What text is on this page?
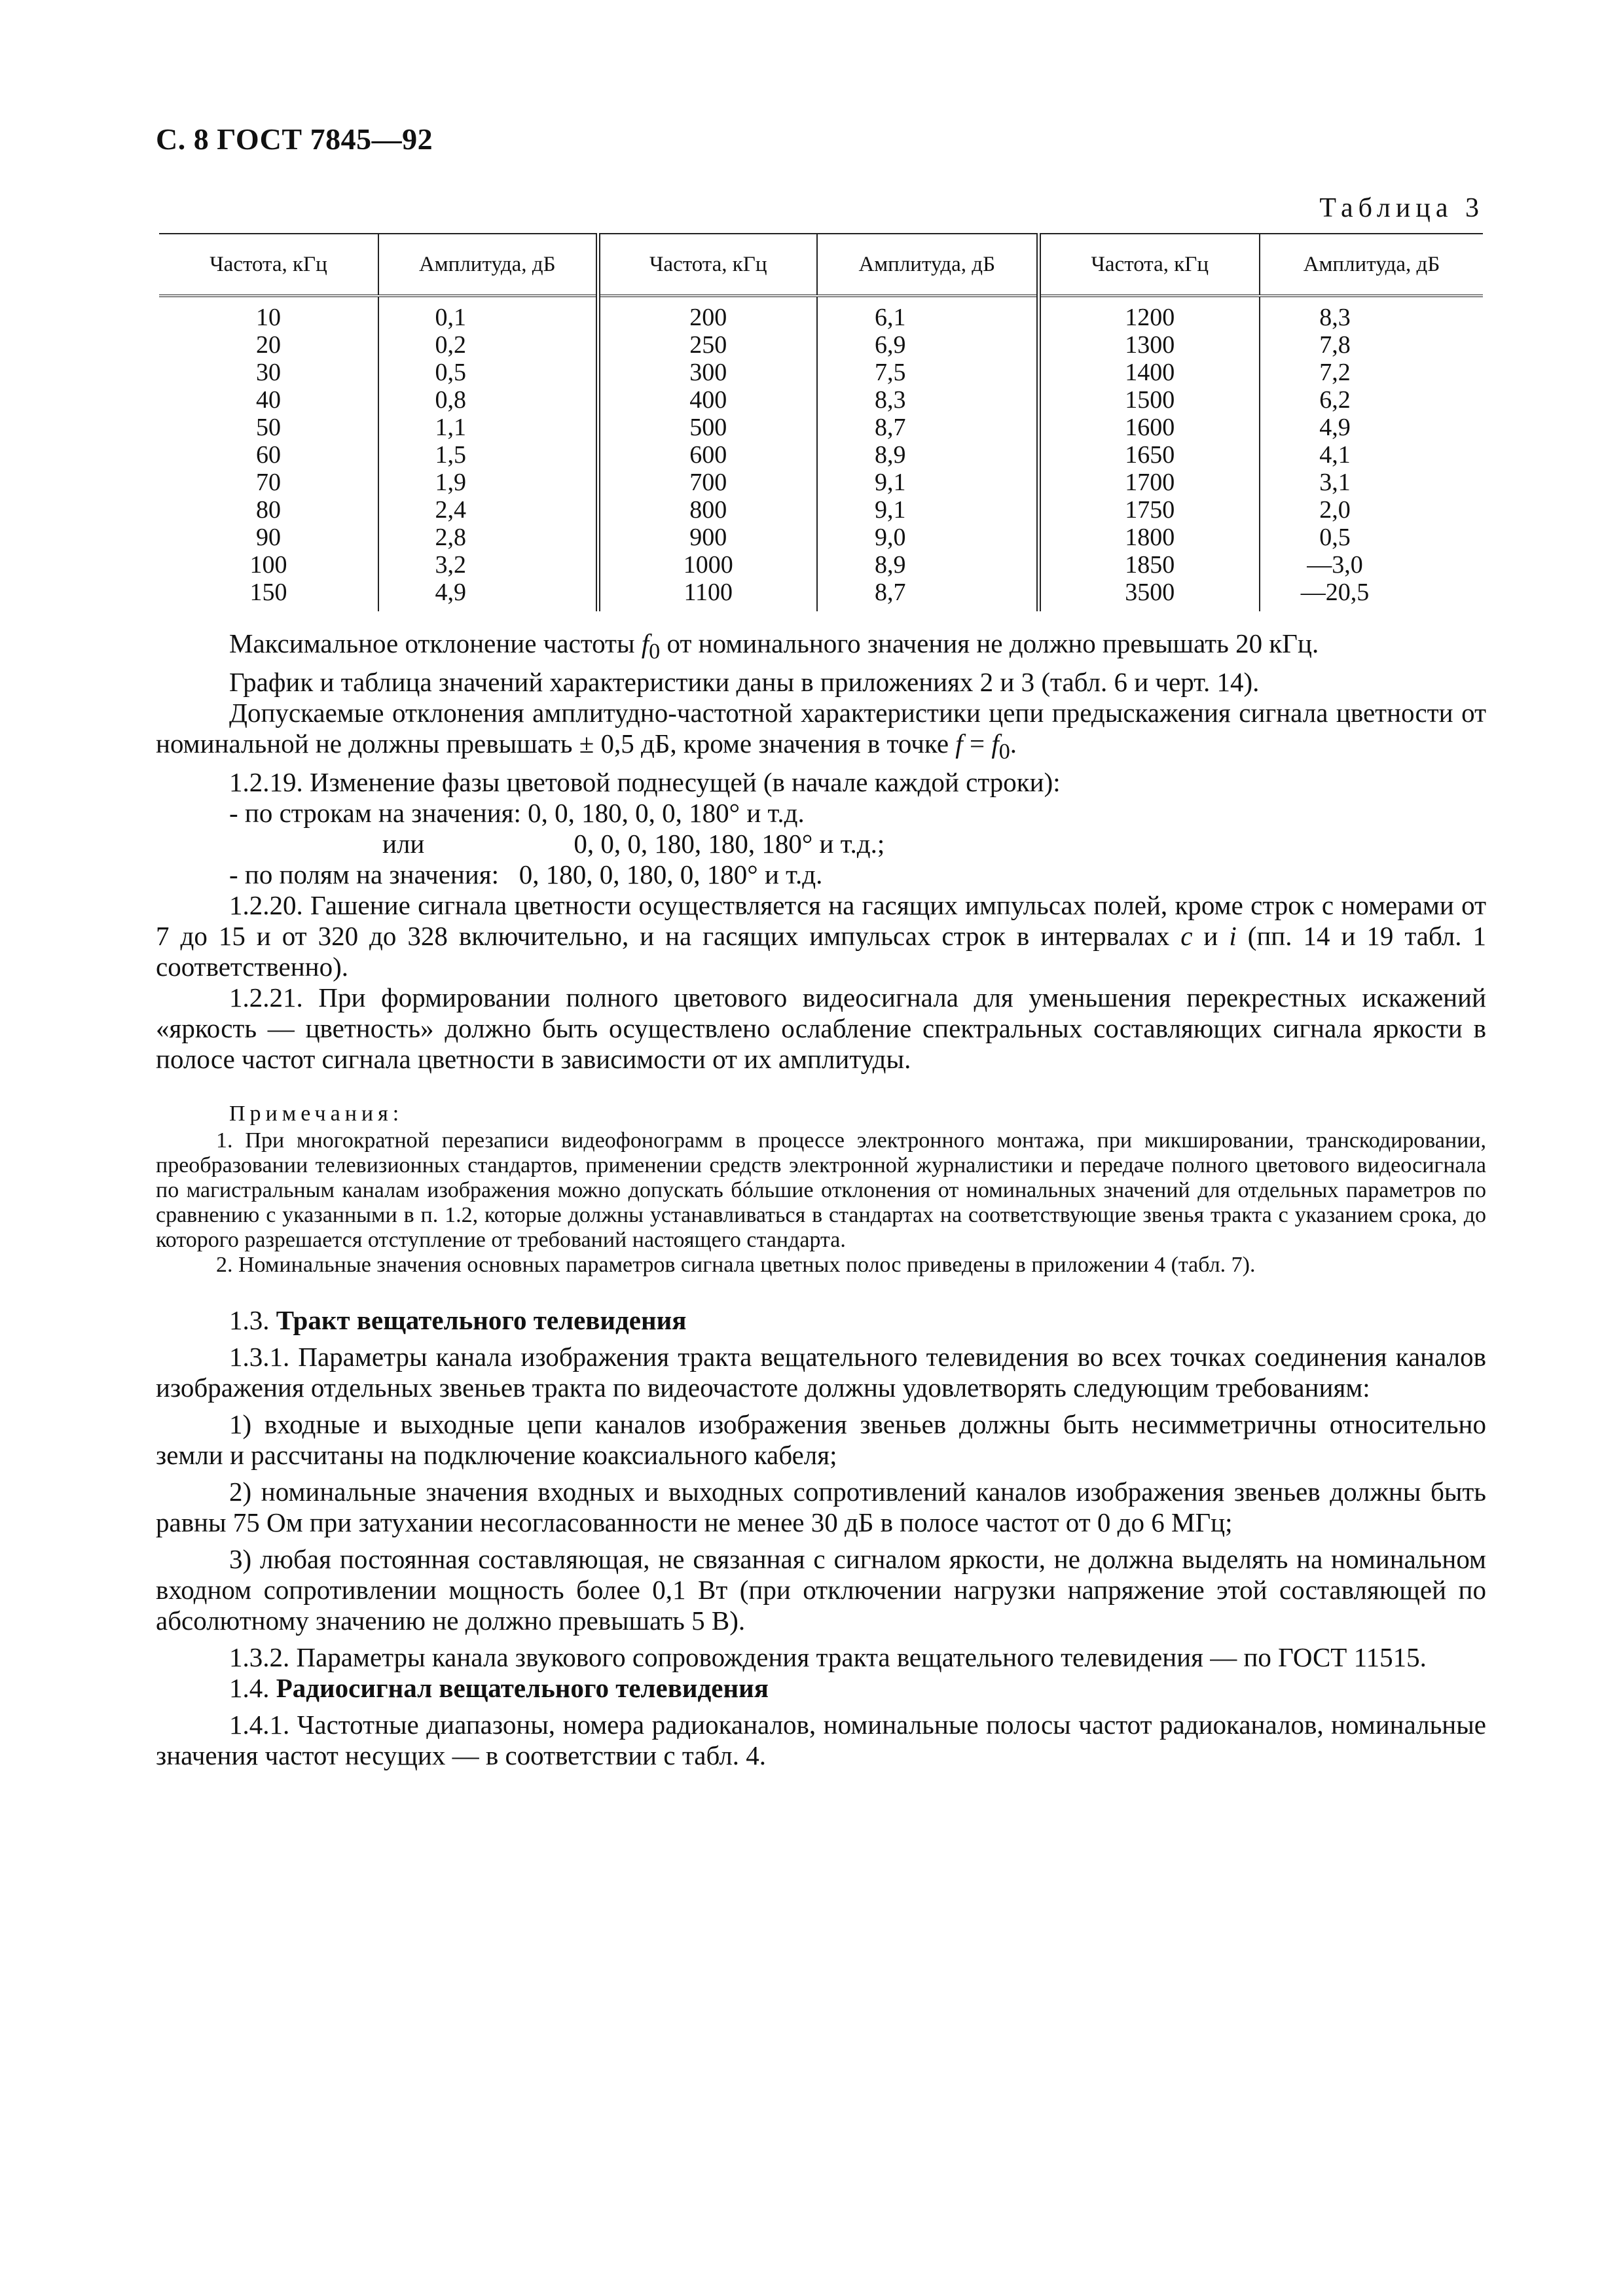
С. 8 ГОСТ 7845—92
Таблица 3
Частота, кГц	Амплитуда, дБ	Частота, кГц	Амплитуда, дБ	Частота, кГц	Амплитуда, дБ
10	0,1	200	6,1	1200	8,3
20	0,2	250	6,9	1300	7,8
30	0,5	300	7,5	1400	7,2
40	0,8	400	8,3	1500	6,2
50	1,1	500	8,7	1600	4,9
60	1,5	600	8,9	1650	4,1
70	1,9	700	9,1	1700	3,1
80	2,4	800	9,1	1750	2,0
90	2,8	900	9,0	1800	0,5
100	3,2	1000	8,9	1850	—3,0
150	4,9	1100	8,7	3500	—20,5

Максимальное отклонение частоты $f_0$ от номинального значения не должно превышать 20 кГц.

График и таблица значений характеристики даны в приложениях 2 и 3 (табл. 6 и черт. 14).

Допускаемые отклонения амплитудно-частотной характеристики цепи предыскажения сигнала цветности от номинальной не должны превышать ± 0,5 дБ, кроме значения в точке $f = f_0$.

1.2.19. Изменение фазы цветовой поднесущей (в начале каждой строки):

- по строкам на значения: 0, 0, 180, 0, 0, 180° и т.д.

или	0, 0, 0, 180, 180, 180° и т.д.;

- по полям на значения:   0, 180, 0, 180, 0, 180° и т.д.

1.2.20. Гашение сигнала цветности осуществляется на гасящих импульсах полей, кроме строк с номерами от 7 до 15 и от 320 до 328 включительно, и на гасящих импульсах строк в интервалах c и i (пп. 14 и 19 табл. 1 соответственно).

1.2.21. При формировании полного цветового видеосигнала для уменьшения перекрестных искажений «яркость — цветность» должно быть осуществлено ослабление спектральных составляющих сигнала яркости в полосе частот сигнала цветности в зависимости от их амплитуды.

Примечания:

1. При многократной перезаписи видеофонограмм в процессе электронного монтажа, при микшировании, транскодировании, преобразовании телевизионных стандартов, применении средств электронной журналистики и передаче полного цветового видеосигнала по магистральным каналам изображения можно допускать бóльшие отклонения от номинальных значений для отдельных параметров по сравнению с указанными в п. 1.2, которые должны устанавливаться в стандартах на соответствующие звенья тракта с указанием срока, до которого разрешается отступление от требований настоящего стандарта.

2. Номинальные значения основных параметров сигнала цветных полос приведены в приложении 4 (табл. 7).

1.3. Тракт вещательного телевидения

1.3.1. Параметры канала изображения тракта вещательного телевидения во всех точках соединения каналов изображения отдельных звеньев тракта по видеочастоте должны удовлетворять следующим требованиям:

1) входные и выходные цепи каналов изображения звеньев должны быть несимметричны относительно земли и рассчитаны на подключение коаксиального кабеля;

2) номинальные значения входных и выходных сопротивлений каналов изображения звеньев должны быть равны 75 Ом при затухании несогласованности не менее 30 дБ в полосе частот от 0 до 6 МГц;

3) любая постоянная составляющая, не связанная с сигналом яркости, не должна выделять на номинальном входном сопротивлении мощность более 0,1 Вт (при отключении нагрузки напряжение этой составляющей по абсолютному значению не должно превышать 5 В).

1.3.2. Параметры канала звукового сопровождения тракта вещательного телевидения — по ГОСТ 11515.

1.4. Радиосигнал вещательного телевидения

1.4.1. Частотные диапазоны, номера радиоканалов, номинальные полосы частот радиоканалов, номинальные значения частот несущих — в соответствии с табл. 4.
